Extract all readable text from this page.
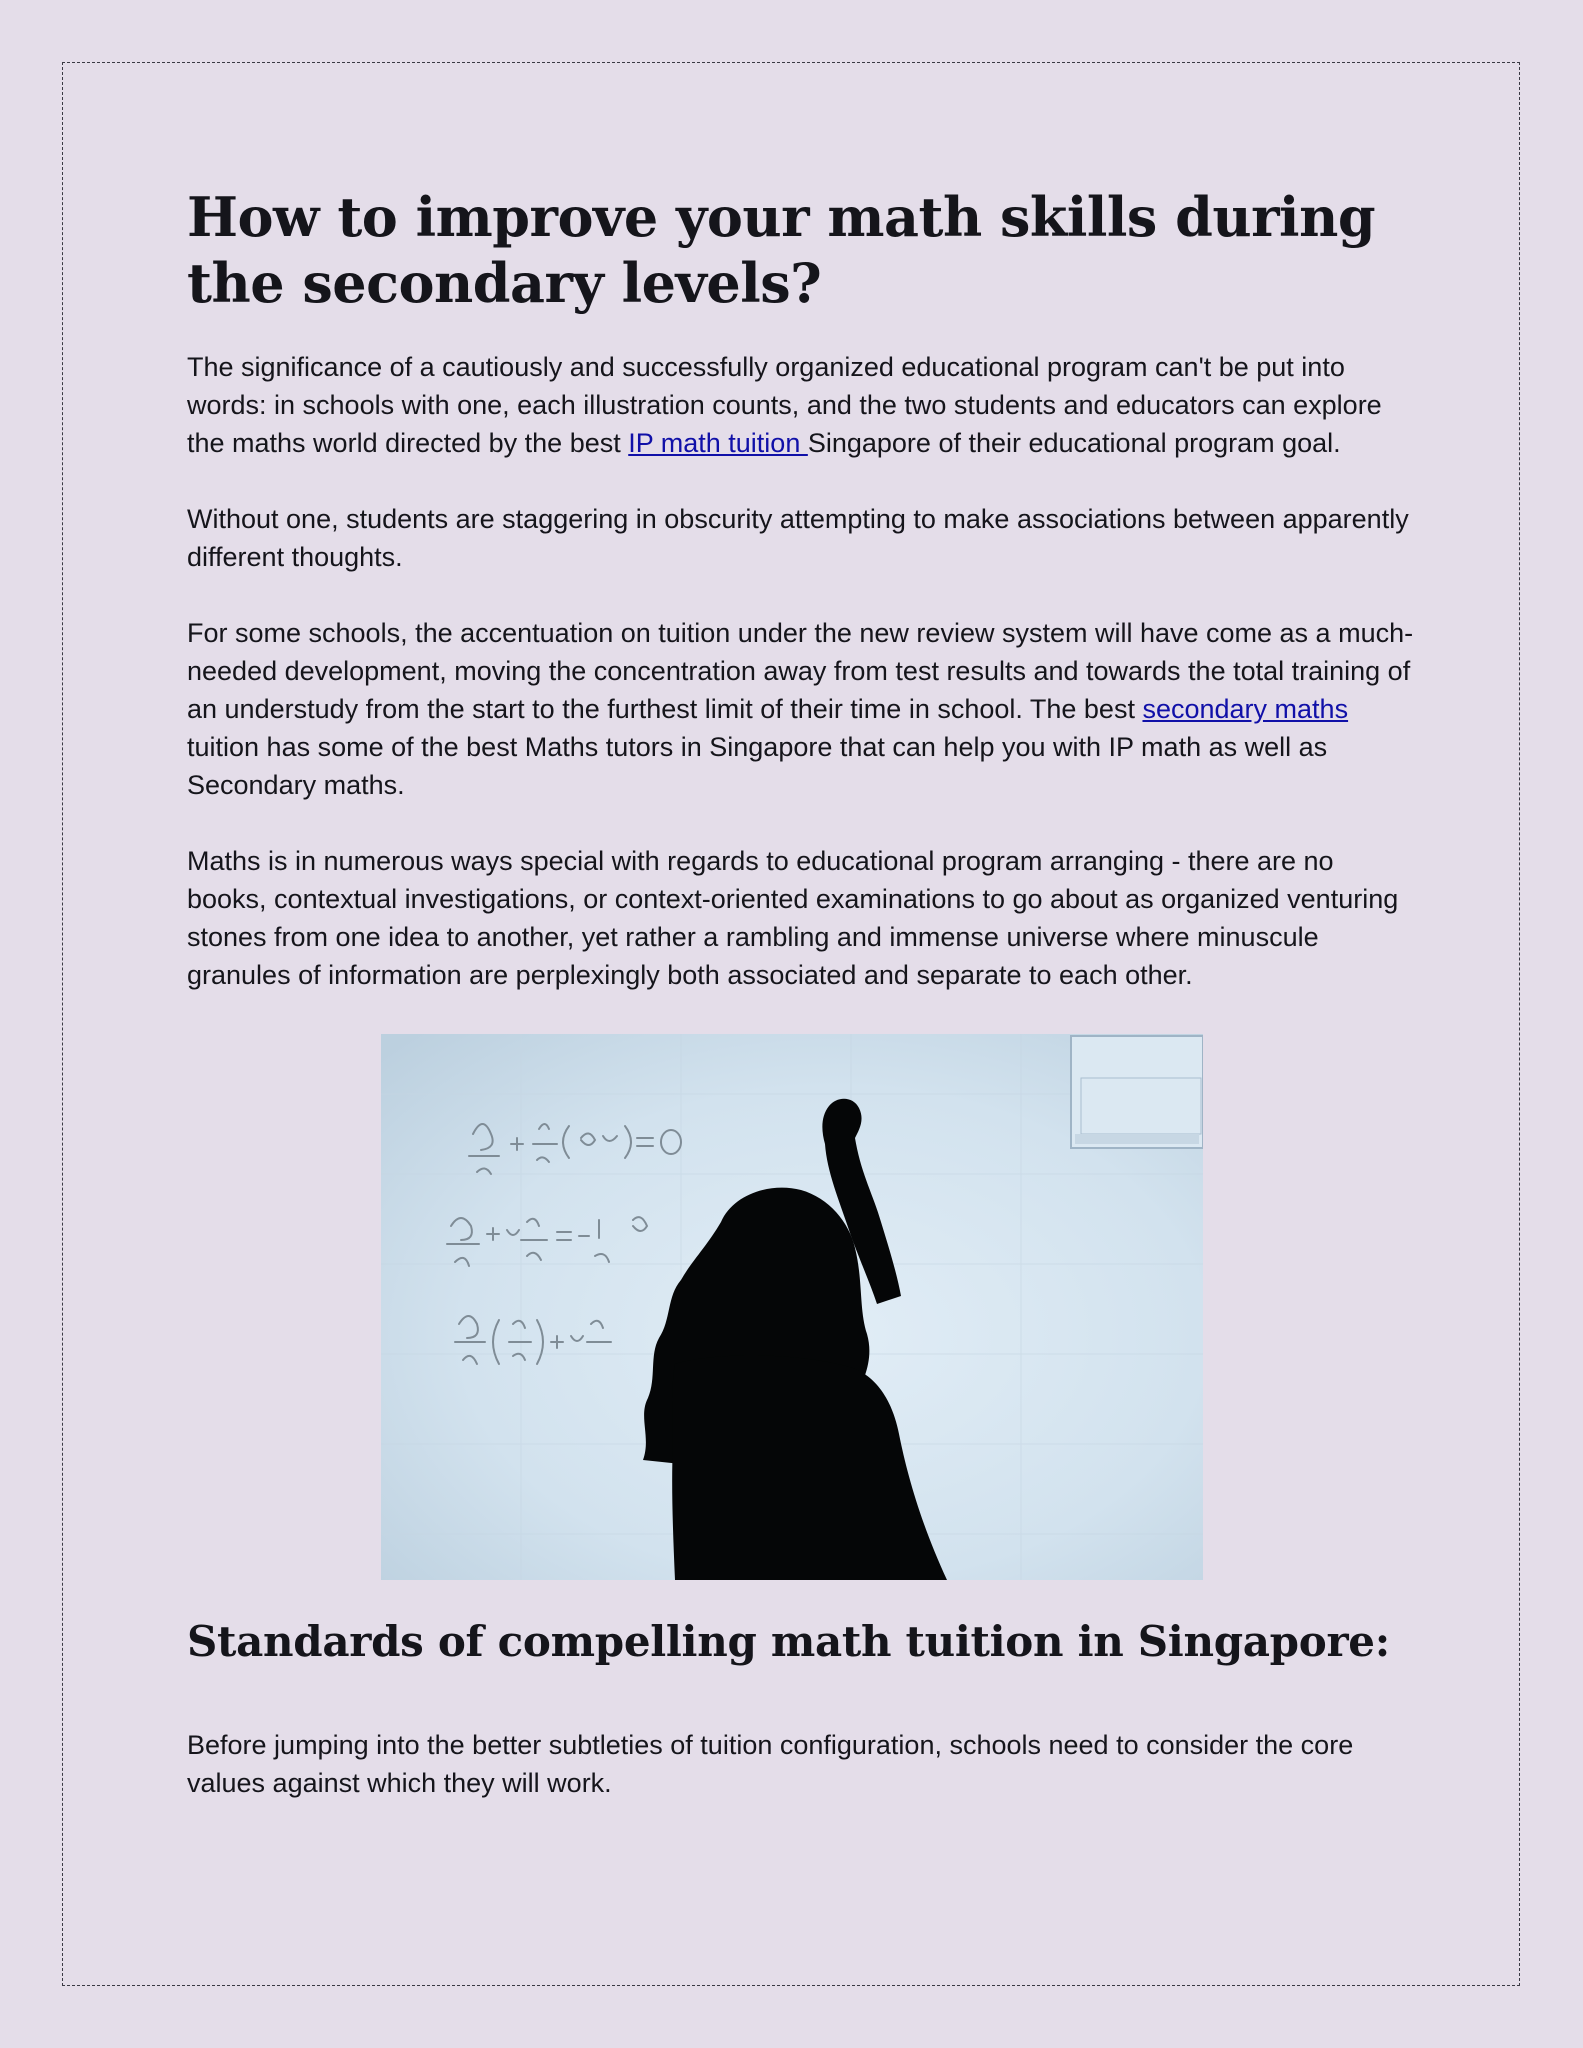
How to improve your math skills during the secondary levels?

The significance of a cautiously and successfully organized educational program can't be put into words: in schools with one, each illustration counts, and the two students and educators can explore the maths world directed by the best IP math tuition Singapore of their educational program goal.

Without one, students are staggering in obscurity attempting to make associations between apparently different thoughts.

For some schools, the accentuation on tuition under the new review system will have come as a much-needed development, moving the concentration away from test results and towards the total training of an understudy from the start to the furthest limit of their time in school. The best secondary maths tuition has some of the best Maths tutors in Singapore that can help you with IP math as well as Secondary maths.

Maths is in numerous ways special with regards to educational program arranging - there are no books, contextual investigations, or context-oriented examinations to go about as organized venturing stones from one idea to another, yet rather a rambling and immense universe where minuscule granules of information are perplexingly both associated and separate to each other.

Standards of compelling math tuition in Singapore:

Before jumping into the better subtleties of tuition configuration, schools need to consider the core values against which they will work.
